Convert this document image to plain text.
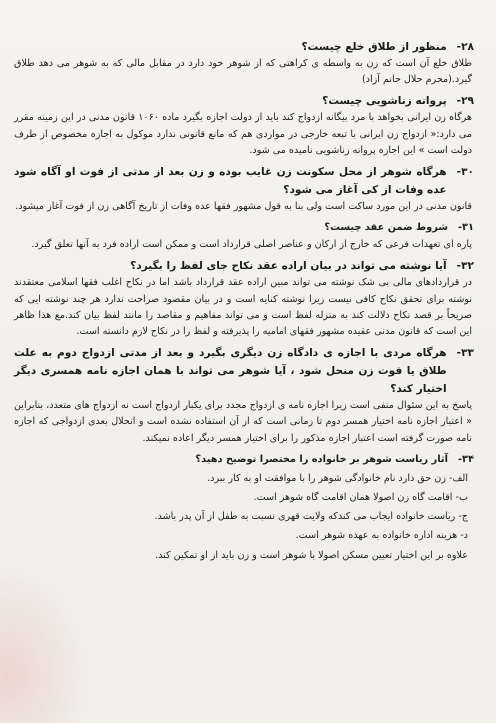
۲۸-
منظور از طلاق خلع چیست؟

طلاق خلع آن است که زن به واسطه ی کراهتی که از شوهر خود دارد در مقابل مالی که به شوهر می دهد طلاق گیرد.(محرم حلال جانم آزاد)

۲۹-
پروانه زناشویی چیست؟

هرگاه زن ایرانی بخواهد با مرد بیگانه ازدواج کند باید از دولت اجازه بگیرد ماده ۱۰۶۰ قانون مدنی در این زمینه مقرر می دارد:« ازدواج زن ایرانی با تبعه خارجی در مواردی هم که مانع قانونی ندارد موکول به اجازه مخصوص از طرف دولت است » این اجازه پروانه زناشویی نامیده می شود.

۳۰-
هرگاه شوهر از محل سکونت زن غایب بوده و زن بعد از مدتی از فوت او آگاه شود عده وفات از کی آغاز می شود؟

قانون مدنی در این مورد ساکت است ولی بنا به قول مشهور فقها عده وفات از تاریخ آگاهی زن از فوت آغاز میشود.

۳۱-
شروط ضمن عقد چیست؟

پاره ای تعهدات فرعی که خارج از ارکان و عناصر اصلی قرارداد است و ممکن است اراده فرد به آنها تعلق گیرد.

۳۲-
آیا نوشته می تواند در بیان اراده عقد نکاح جای لفظ را بگیرد؟

در قراردادهای مالی بی شک نوشته می تواند مبین اراده عقد قرارداد باشد اما در نکاح اغلب فقها اسلامی معتقدند نوشته برای تحقق نکاح کافی نیست زیرا نوشته کنایه است و در بیان مقصود صراحت ندارد هر چند نوشته ایی که صریحاً بر قصد نکاح دلالت کند به منزله لفظ است و می تواند مفاهیم و مقاصد را مانند لفظ بیان کند.مع هذا ظاهر این است که قانون مدنی عقیده مشهور فقهای امامیه را پذیرفته و لفظ را در نکاح لازم دانسته است.

۳۳-
هرگاه مردی با اجازه ی دادگاه زن دیگری بگیرد و بعد از مدتی ازدواج دوم به علت طلاق یا فوت زن منحل شود ، آیا شوهر می تواند با همان اجازه نامه همسری دیگر اختیار کند؟

پاسخ به این سئوال منفی است زیرا اجازه نامه ی ازدواج مجدد برای یکبار ازدواج است نه ازدواج های متعدد، بنابراین « اعتبار اجازه نامه اختیار همسر دوم تا زمانی است که از آن استفاده نشده است و انحلال بعدی ازدواجی که اجازه نامه صورت گرفته است اعتبار اجازه مذکور را برای اختیار همسر دیگر اعاده نمیکند.

۳۴-
آثار ریاست شوهر بر خانواده را مختصرا توضیح دهید؟

الف- زن حق دارد نام خانوادگی شوهر را با موافقت او به کار ببرد.

ب- اقامت گاه زن اصولا همان اقامت گاه شوهر است.

ج- ریاست خانواده ایجاب می کندکه ولایت قهری نسبت به طفل از آن پدر باشد.

د- هزینه اداره خانواده به عهده شوهر است.

علاوه بر این اختیار تعیین مسکن اصولا با شوهر است و زن باید از او تمکین کند.
